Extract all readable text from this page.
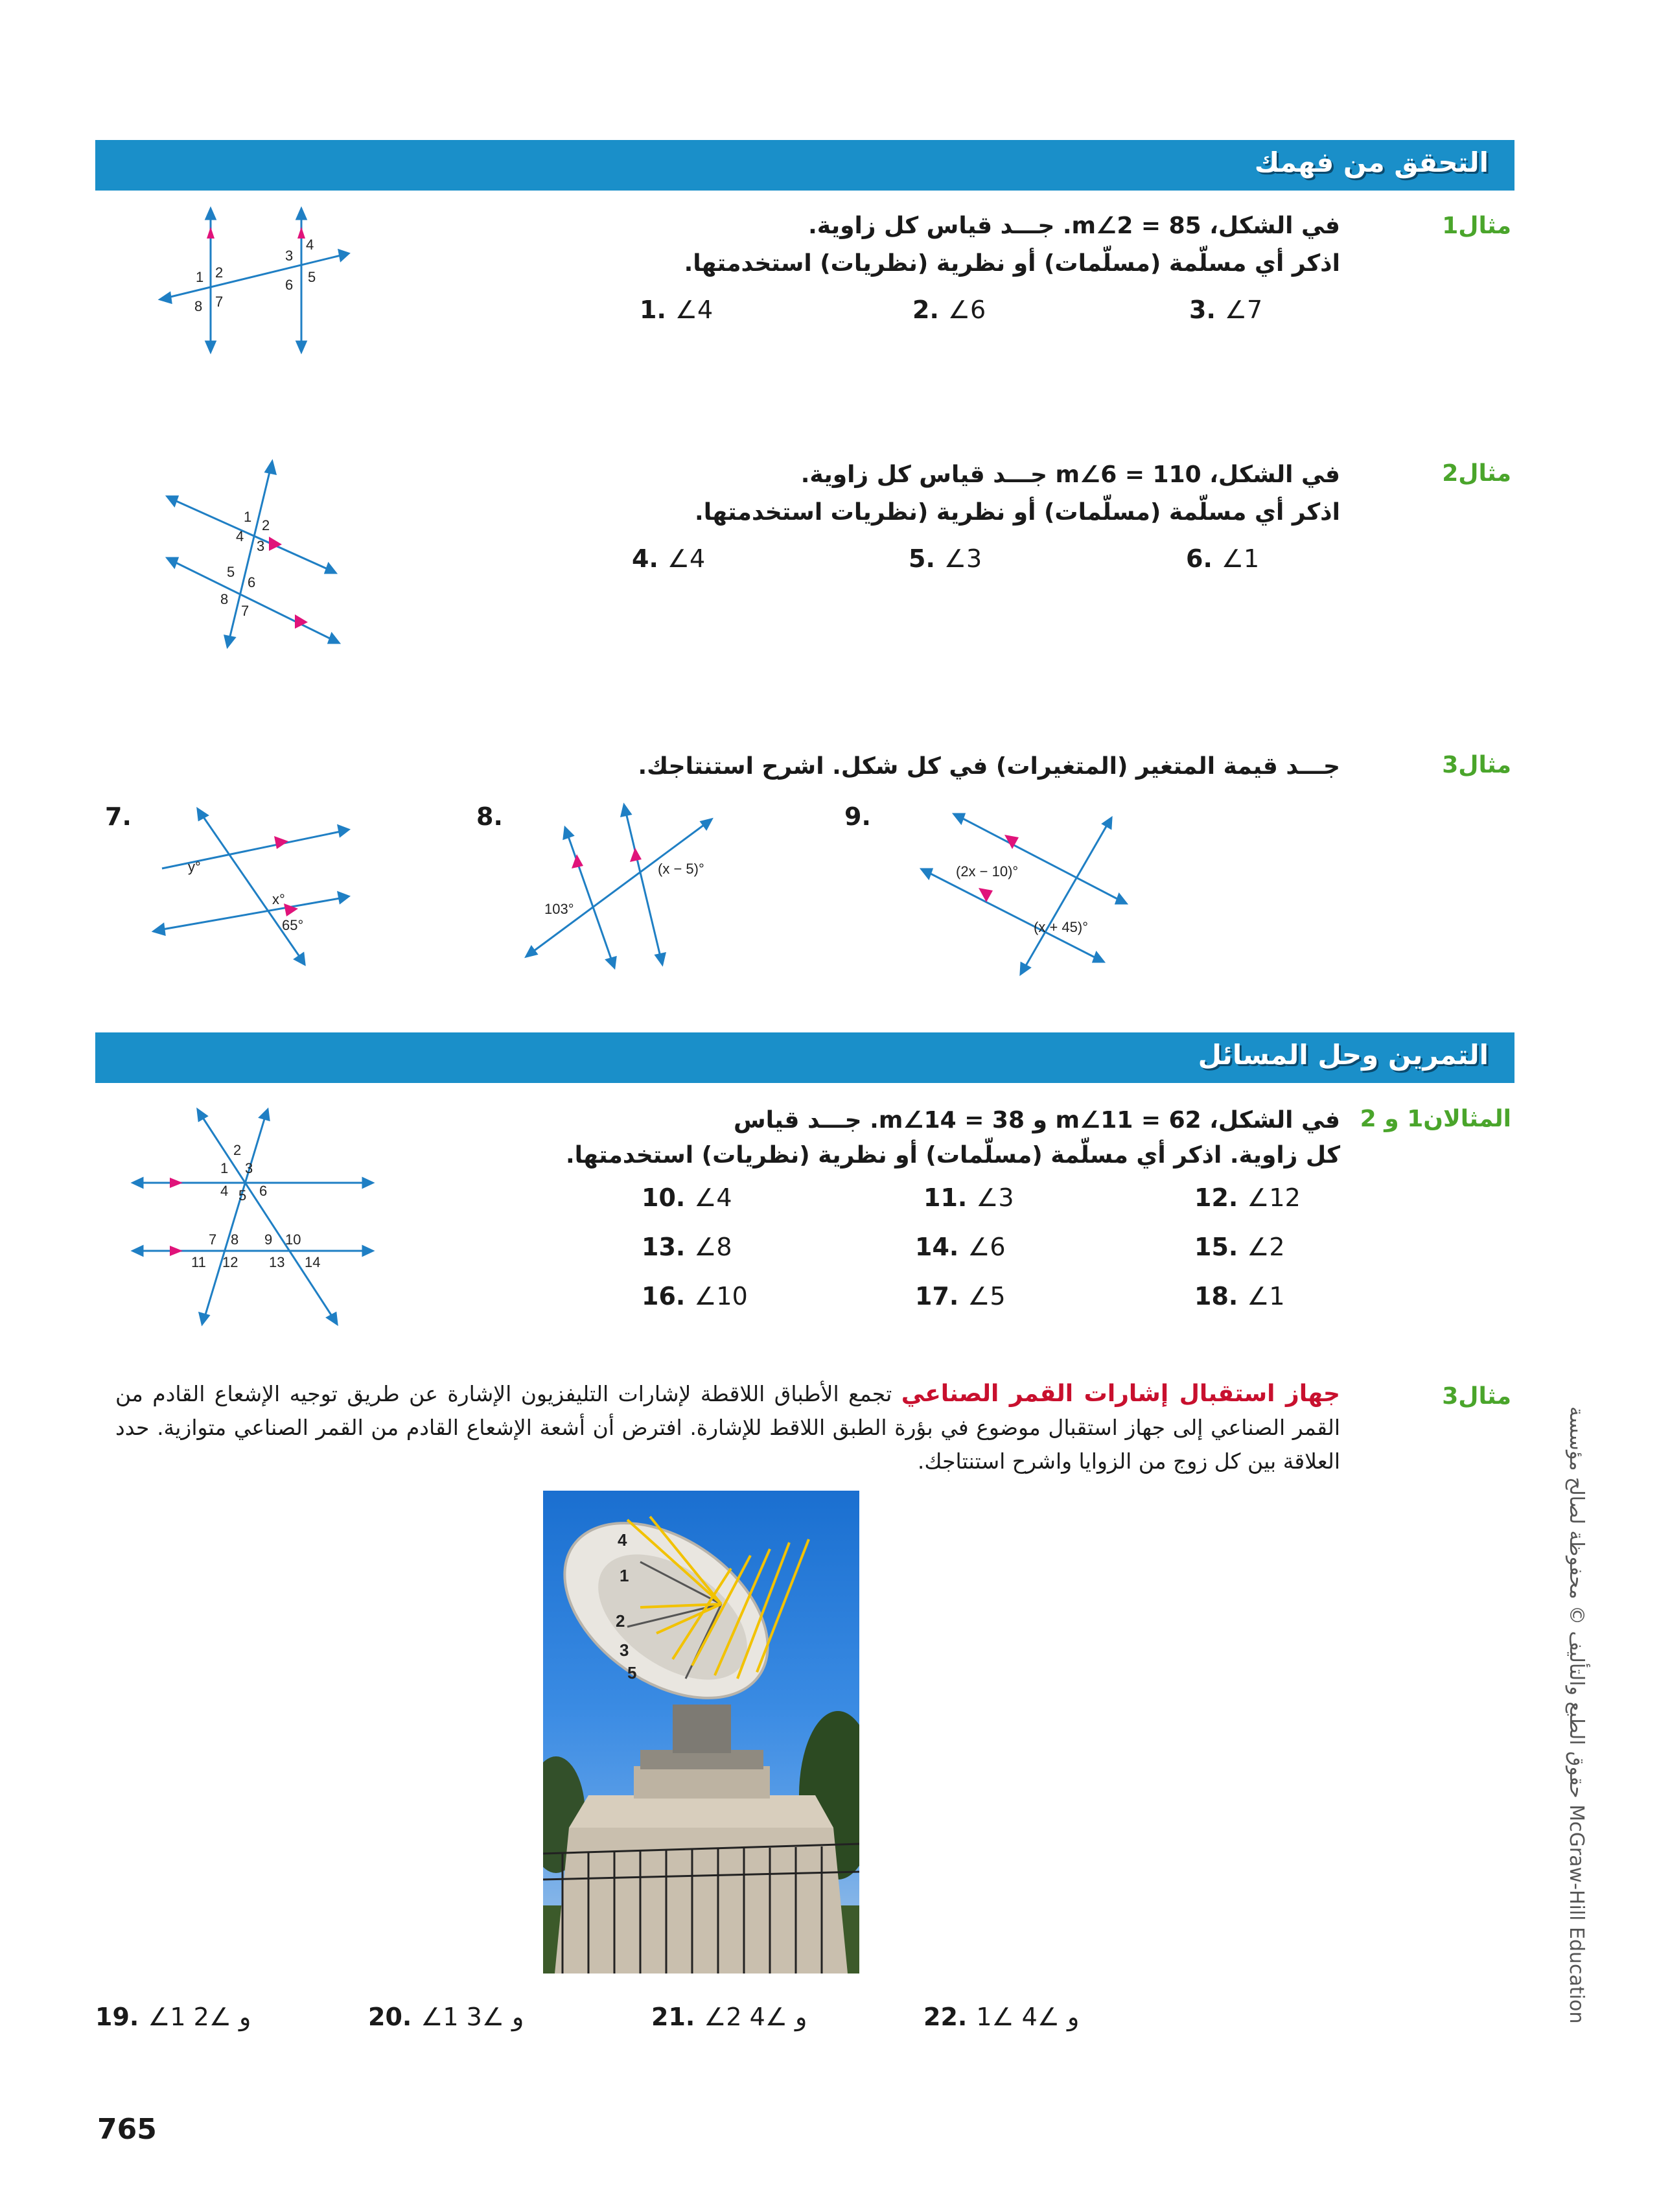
التحقق من فهمك
مثال1
في الشكل، m∠2 = 85. جـــد قياس كل زاوية.
اذكر أي مسلّمة (مسلّمات) أو نظرية (نظريات) استخدمتها.
1. ∠4	2. ∠6	3. ∠7
1 2
8 7
3
4
6 5
مثال2
في الشكل، m∠6 = 110 جـــد قياس كل زاوية.
اذكر أي مسلّمة (مسلّمات) أو نظرية (نظريات استخدمتها.
4. ∠4	5. ∠3	6. ∠1
1
2
4
3
5
6
8
7
مثال3
جـــد قيمة المتغير (المتغيرات) في كل شكل. اشرح استنتاجك.
7.	8.	9.
y°
x°
65°
103°
(x − 5)°	(2x − 10)°
(x + 45)°
التمرين وحل المسائل
المثالان1 و 2
في الشكل، m∠11 = 62 و m∠14 = 38. جـــد قياس
كل زاوية. اذكر أي مسلّمة (مسلّمات) أو نظرية (نظريات) استخدمتها.
10. ∠4	11. ∠3	12. ∠12
13. ∠8	14. ∠6	15. ∠2
16. ∠10	17. ∠5	18. ∠1
2
1 3
4 5 6
7 8 9 10
11 12 13 14
مثال3
جهاز استقبال إشارات القمر الصناعي تجمع الأطباق اللاقطة لإشارات التليفزيون الإشارة عن طريق توجيه الإشعاع القادم من القمر الصناعي إلى جهاز استقبال موضوع في بؤرة الطبق اللاقط للإشارة. افترض أن أشعة الإشعاع القادم من القمر الصناعي متوازية. حدد العلاقة بين كل زوج من الزوايا واشرح استنتاجك.
4
1
2
3
5
19. ∠1 و ∠2	20. ∠1 و ∠3	21. ∠2 و ∠4	22. 1∠ و ∠4
حقوق الطبع والتأليف © محفوظة لصالح مؤسسة McGraw-Hill Education
765
